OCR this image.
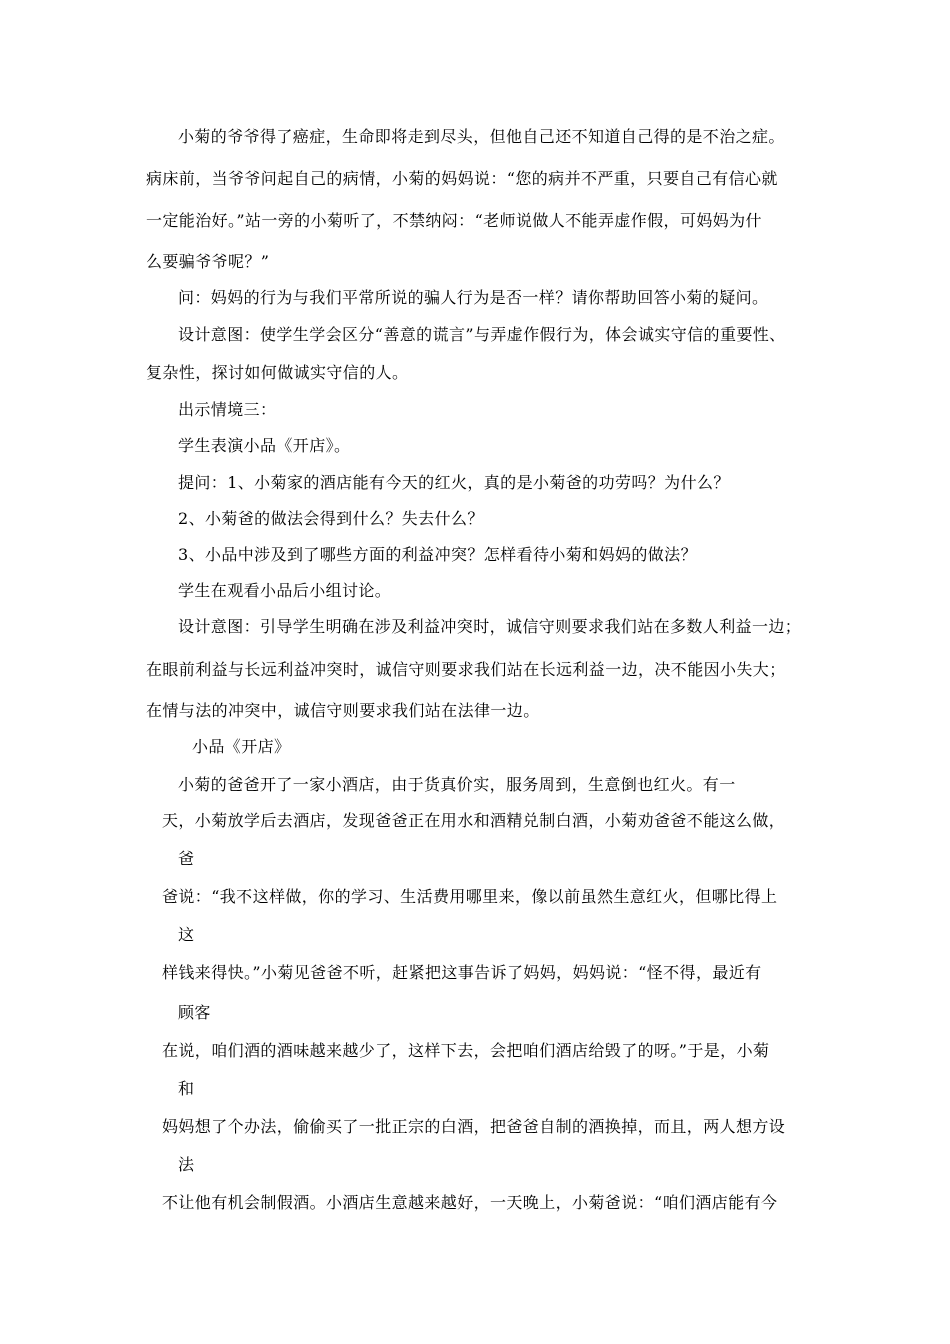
小菊的爷爷得了癌症，生命即将走到尽头，但他自己还不知道自己得的是不治之症。
病床前，当爷爷问起自己的病情，小菊的妈妈说：“您的病并不严重，只要自己有信心就
一定能治好。”站一旁的小菊听了，不禁纳闷：“老师说做人不能弄虚作假，可妈妈为什
么要骗爷爷呢？”
问：妈妈的行为与我们平常所说的骗人行为是否一样？请你帮助回答小菊的疑问。
设计意图：使学生学会区分“善意的谎言”与弄虚作假行为，体会诚实守信的重要性、
复杂性，探讨如何做诚实守信的人。
出示情境三：
学生表演小品《开店》。
提问：1、小菊家的酒店能有今天的红火，真的是小菊爸的功劳吗？为什么？
2、小菊爸的做法会得到什么？失去什么？
3、小品中涉及到了哪些方面的利益冲突？怎样看待小菊和妈妈的做法？
学生在观看小品后小组讨论。
设计意图：引导学生明确在涉及利益冲突时，诚信守则要求我们站在多数人利益一边；
在眼前利益与长远利益冲突时，诚信守则要求我们站在长远利益一边，决不能因小失大；
在情与法的冲突中，诚信守则要求我们站在法律一边。
小品《开店》
小菊的爸爸开了一家小酒店，由于货真价实，服务周到，生意倒也红火。有一
天，小菊放学后去酒店，发现爸爸正在用水和酒精兑制白酒，小菊劝爸爸不能这么做，
爸
爸说：“我不这样做，你的学习、生活费用哪里来，像以前虽然生意红火，但哪比得上
这
样钱来得快。”小菊见爸爸不听，赶紧把这事告诉了妈妈，妈妈说：“怪不得，最近有
顾客
在说，咱们酒的酒味越来越少了，这样下去，会把咱们酒店给毁了的呀。”于是，小菊
和
妈妈想了个办法，偷偷买了一批正宗的白酒，把爸爸自制的酒换掉，而且，两人想方设
法
不让他有机会制假酒。小酒店生意越来越好，一天晚上，小菊爸说：“咱们酒店能有今
